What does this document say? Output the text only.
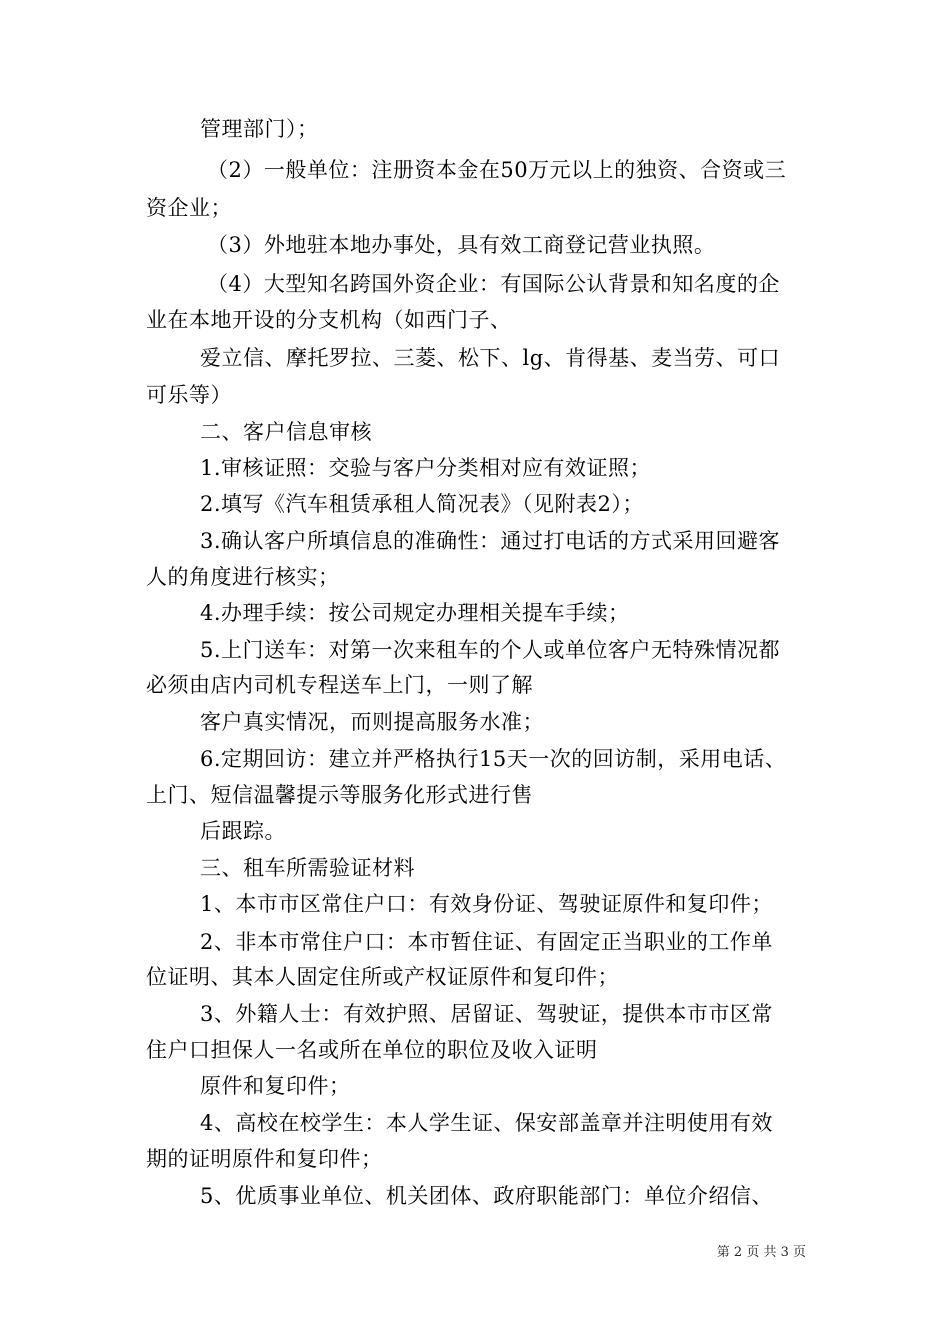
管理部门）；
（2）一般单位：注册资本金在50万元以上的独资、合资或三
资企业；
（3）外地驻本地办事处，具有效工商登记营业执照。
（4）大型知名跨国外资企业：有国际公认背景和知名度的企
业在本地开设的分支机构（如西门子、
爱立信、摩托罗拉、三菱、松下、lg、肯得基、麦当劳、可口
可乐等）
二、客户信息审核
1.审核证照：交验与客户分类相对应有效证照；
2.填写《汽车租赁承租人简况表》（见附表2）；
3.确认客户所填信息的准确性：通过打电话的方式采用回避客
人的角度进行核实；
4.办理手续：按公司规定办理相关提车手续；
5.上门送车：对第一次来租车的个人或单位客户无特殊情况都
必须由店内司机专程送车上门，一则了解
客户真实情况，而则提高服务水准；
6.定期回访：建立并严格执行15天一次的回访制，采用电话、
上门、短信温馨提示等服务化形式进行售
后跟踪。
三、租车所需验证材料
1、本市市区常住户口：有效身份证、驾驶证原件和复印件；
2、非本市常住户口：本市暂住证、有固定正当职业的工作单
位证明、其本人固定住所或产权证原件和复印件；
3、外籍人士：有效护照、居留证、驾驶证，提供本市市区常
住户口担保人一名或所在单位的职位及收入证明
原件和复印件；
4、高校在校学生：本人学生证、保安部盖章并注明使用有效
期的证明原件和复印件；
5、优质事业单位、机关团体、政府职能部门：单位介绍信、
第 2 页 共 3 页
